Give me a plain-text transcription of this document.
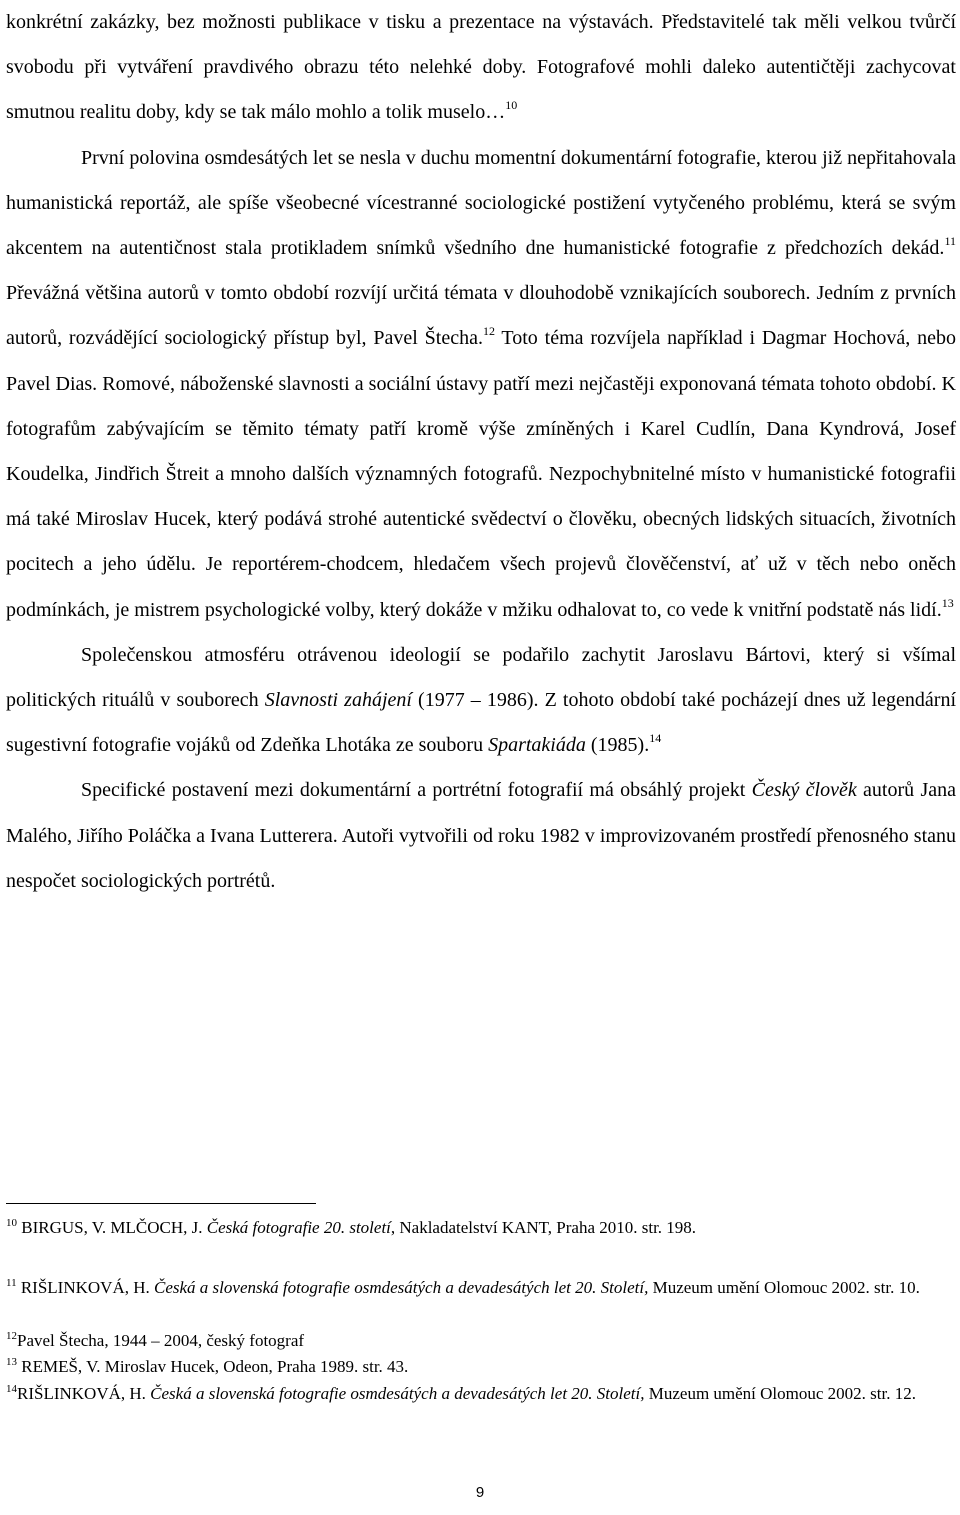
konkrétní zakázky, bez možnosti publikace v tisku a prezentace na výstavách. Představitelé tak měli velkou tvůrčí svobodu při vytváření pravdivého obrazu této nelehké doby. Fotografové mohli daleko autentičtěji zachycovat smutnou realitu doby, kdy se tak málo mohlo a tolik muselo…$^{10}$

První polovina osmdesátých let se nesla v duchu momentní dokumentární fotografie, kterou již nepřitahovala humanistická reportáž, ale spíše všeobecné vícestranné sociologické postižení vytyčeného problému, která se svým akcentem na autentičnost stala protikladem snímků všedního dne humanistické fotografie z předchozích dekád.$^{11}$ Převážná většina autorů v tomto období rozvíjí určitá témata v dlouhodobě vznikajících souborech. Jedním z prvních autorů, rozvádějící sociologický přístup byl, Pavel Štecha.$^{12}$ Toto téma rozvíjela například i Dagmar Hochová, nebo Pavel Dias. Romové, náboženské slavnosti a sociální ústavy patří mezi nejčastěji exponovaná témata tohoto období. K fotografům zabývajícím se těmito tématy patří kromě výše zmíněných i Karel Cudlín, Dana Kyndrová, Josef Koudelka, Jindřich Štreit a mnoho dalších významných fotografů. Nezpochybnitelné místo v humanistické fotografii má také Miroslav Hucek, který podává strohé autentické svědectví o člověku, obecných lidských situacích, životních pocitech a jeho údělu. Je reportérem-chodcem, hledačem všech projevů člověčenství, ať už v těch nebo oněch podmínkách, je mistrem psychologické volby, který dokáže v mžiku odhalovat to, co vede k vnitřní podstatě nás lidí.$^{13}$

Společenskou atmosféru otrávenou ideologií se podařilo zachytit Jaroslavu Bártovi, který si všímal politických rituálů v souborech Slavnosti zahájení (1977 – 1986). Z tohoto období také pocházejí dnes už legendární sugestivní fotografie vojáků od Zdeňka Lhotáka ze souboru Spartakiáda (1985).$^{14}$

Specifické postavení mezi dokumentární a portrétní fotografií má obsáhlý projekt Český člověk autorů Jana Malého, Jiřího Poláčka a Ivana Lutterera. Autoři vytvořili od roku 1982 v improvizovaném prostředí přenosného stanu nespočet sociologických portrétů.

$^{10}$ BIRGUS, V. MLČOCH, J. Česká fotografie 20. století, Nakladatelství KANT, Praha 2010. str. 198.
$^{11}$ RIŠLINKOVÁ, H. Česká a slovenská fotografie osmdesátých a devadesátých let 20. Století, Muzeum umění Olomouc 2002. str. 10.
$^{12}$Pavel Štecha, 1944 – 2004, český fotograf
$^{13}$ REMEŠ, V. Miroslav Hucek, Odeon, Praha 1989. str. 43.
$^{14}$RIŠLINKOVÁ, H. Česká a slovenská fotografie osmdesátých a devadesátých let 20. Století, Muzeum umění Olomouc 2002. str. 12.
9
